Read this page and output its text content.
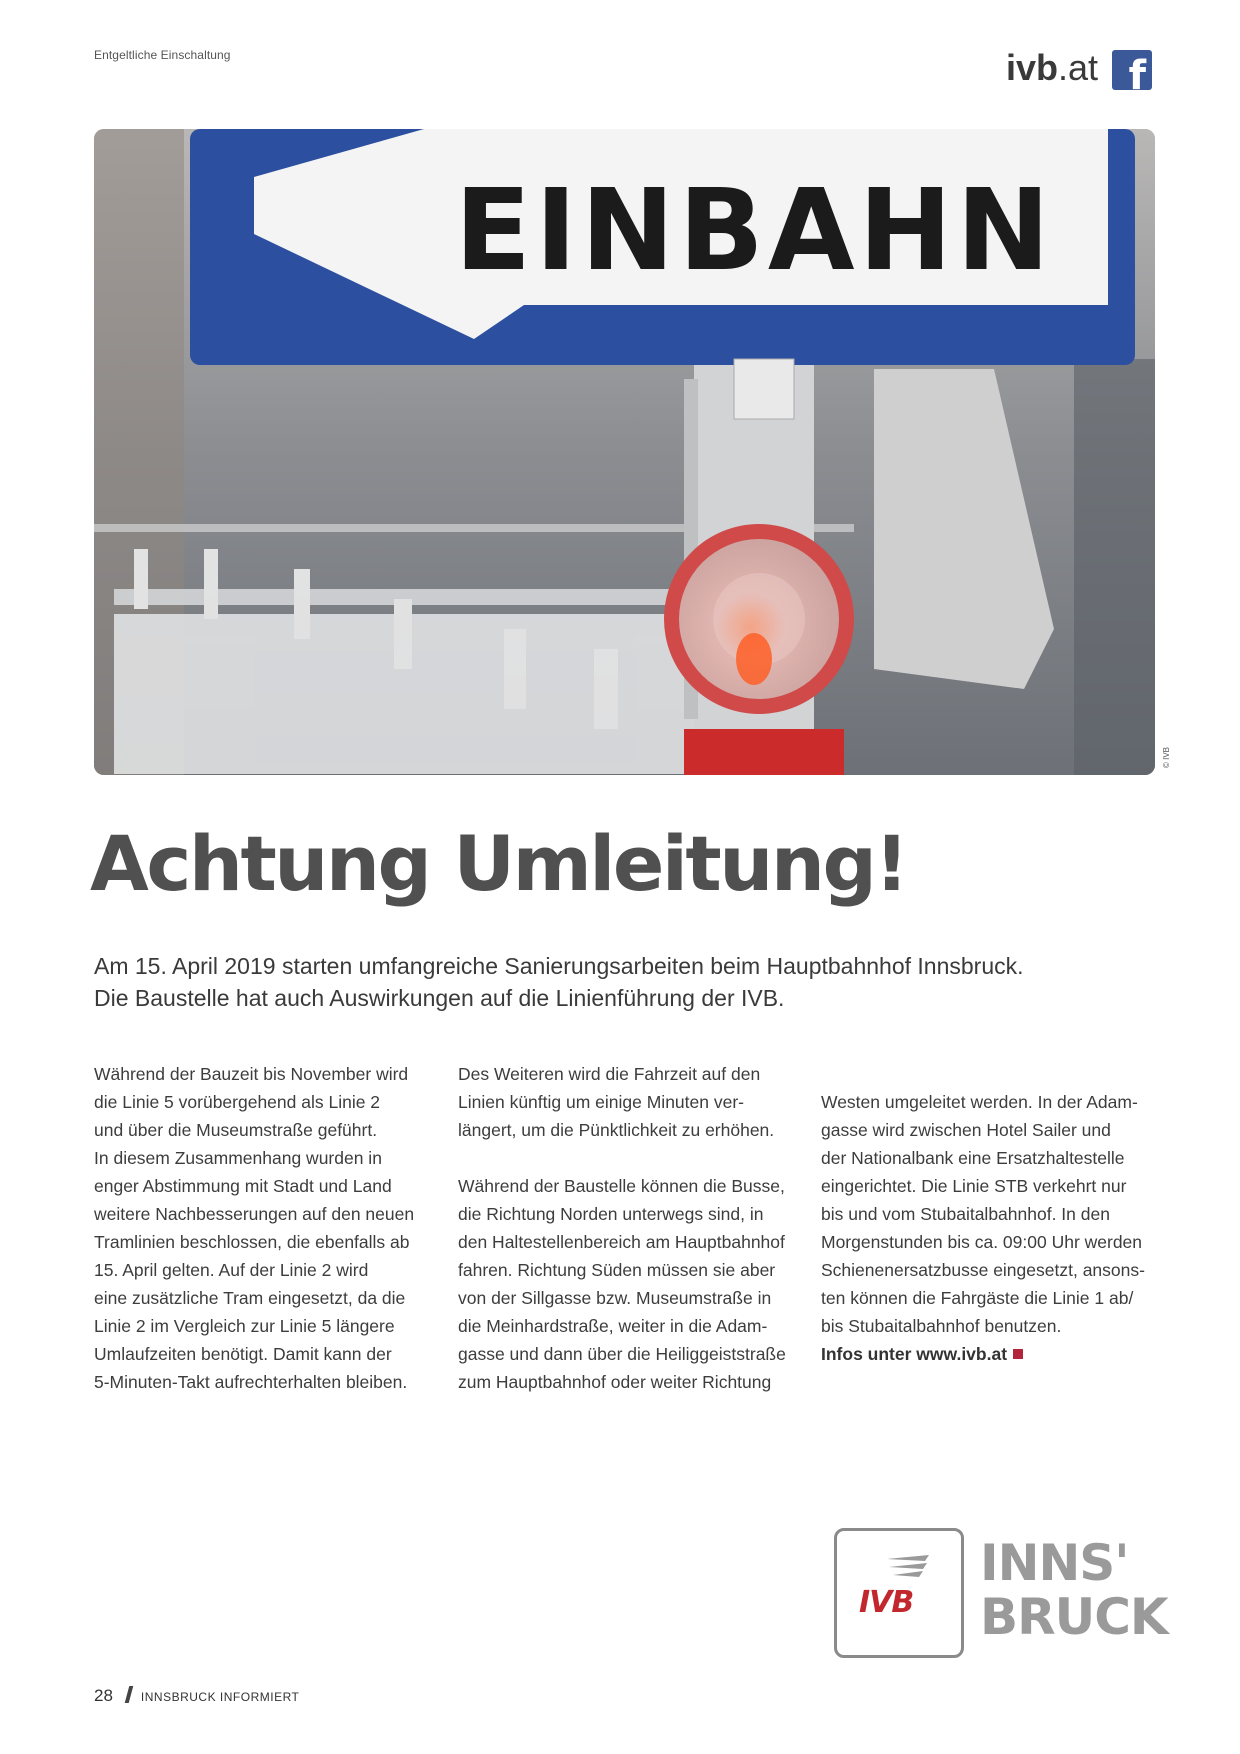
Entgeltliche Einschaltung	ivb.at f
EINBAHN
© IVB
Achtung Umleitung!
Am 15. April 2019 starten umfangreiche Sanierungsarbeiten beim Hauptbahnhof Innsbruck.
Die Baustelle hat auch Auswirkungen auf die Linienführung der IVB.
Während der Bauzeit bis November wird
die Linie 5 vorübergehend als Linie 2
und über die Museumstraße geführt.
In diesem Zusammenhang wurden in
enger Abstimmung mit Stadt und Land
weitere Nachbesserungen auf den neuen
Tramlinien beschlossen, die ebenfalls ab
15. April gelten. Auf der Linie 2 wird
eine zusätzliche Tram eingesetzt, da die
Linie 2 im Vergleich zur Linie 5 längere
Umlaufzeiten benötigt. Damit kann der
5-Minuten-Takt aufrechterhalten bleiben.
Des Weiteren wird die Fahrzeit auf den
Linien künftig um einige Minuten ver-
längert, um die Pünktlichkeit zu erhöhen.

Während der Baustelle können die Busse,
die Richtung Norden unterwegs sind, in
den Haltestellenbereich am Hauptbahnhof
fahren. Richtung Süden müssen sie aber
von der Sillgasse bzw. Museumstraße in
die Meinhardstraße, weiter in die Adam-
gasse und dann über die Heiliggeiststraße
zum Hauptbahnhof oder weiter Richtung

Westen umgeleitet werden. In der Adam-
gasse wird zwischen Hotel Sailer und
der Nationalbank eine Ersatzhaltestelle
eingerichtet. Die Linie STB verkehrt nur
bis und vom Stubaitalbahnhof. In den
Morgenstunden bis ca. 09:00 Uhr werden
Schienenersatzbusse eingesetzt, ansons-
ten können die Fahrgäste die Linie 1 ab/
bis Stubaitalbahnhof benutzen.

Infos unter www.ivb.at

IVB
INNS'
BRUCK
28 INNSBRUCK INFORMIERT
